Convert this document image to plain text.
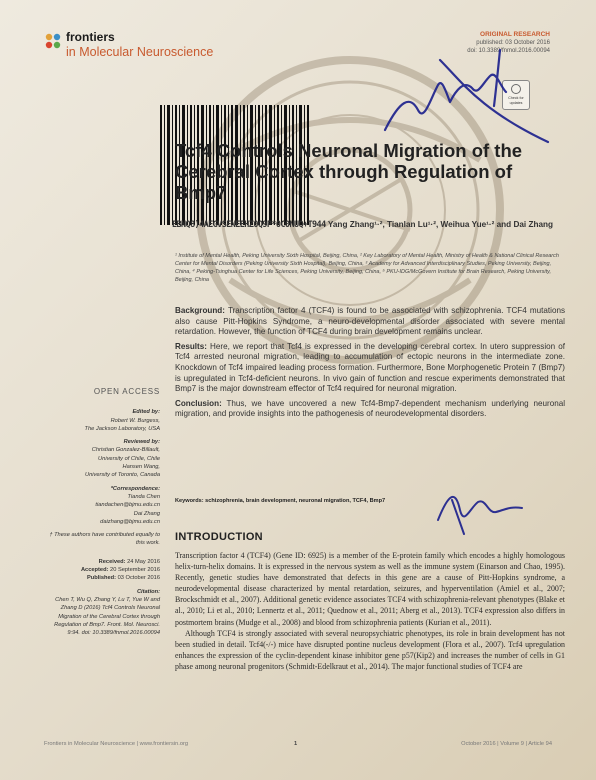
frontiers
in Molecular Neuroscience
ORIGINAL RESEARCH
published: 03 October 2016
doi: 10.3389/fnmol.2016.00094
Check for updates
Tcf4 Controls Neuronal Migration of the Cerebral Cortex through Regulation of Bmp7
EBNQ8)4AEGVSENEEHZ0Q9P*0C0NUQ+T944 Yang Zhang¹·², Tianlan Lu¹·², Weihua Yue¹·² and Dai Zhang
¹ Institute of Mental Health, Peking University Sixth Hospital, Beijing, China, ² Key Laboratory of Mental Health, Ministry of Health & National Clinical Research Center for Mental Disorders (Peking University Sixth Hospital), Beijing, China, ³ Academy for Advanced Interdisciplinary Studies, Peking University, Beijing, China, ⁴ Peking-Tsinghua Center for Life Sciences, Peking University, Beijing, China, ⁵ PKU-IDG/McGovern Institute for Brain Research, Peking University, Beijing, China

Background: Transcription factor 4 (TCF4) is found to be associated with schizophrenia. TCF4 mutations also cause Pitt-Hopkins Syndrome, a neuro-developmental disorder associated with severe mental retardation. However, the function of TCF4 during brain development remains unclear.

Results: Here, we report that Tcf4 is expressed in the developing cerebral cortex. In utero suppression of Tcf4 arrested neuronal migration, leading to accumulation of ectopic neurons in the intermediate zone. Knockdown of Tcf4 impaired leading process formation. Furthermore, Bone Morphogenetic Protein 7 (Bmp7) is upregulated in Tcf4-deficient neurons. In vivo gain of function and rescue experiments demonstrated that Bmp7 is the major downstream effector of Tcf4 required for neuronal migration.

Conclusion: Thus, we have uncovered a new Tcf4-Bmp7-dependent mechanism underlying neuronal migration, and provide insights into the pathogenesis of neurodevelopmental disorders.

Keywords: schizophrenia, brain development, neuronal migration, TCF4, Bmp7
OPEN ACCESS
Edited by:
Robert W. Burgess,
The Jackson Laboratory, USA
Reviewed by:
Christian Gonzalez-Billault,
University of Chile, Chile
Hansen Wang,
University of Toronto, Canada
*Correspondence:
Tianda Chen
tiandachen@bjmu.edu.cn
Dai Zhang
daizhang@bjmu.edu.cn
† These authors have contributed equally to this work.
Received: 24 May 2016
Accepted: 20 September 2016
Published: 03 October 2016
Citation:
Chen T, Wu Q, Zhang Y, Lu T, Yue W and Zhang D (2016) Tcf4 Controls Neuronal Migration of the Cerebral Cortex through Regulation of Bmp7. Front. Mol. Neurosci. 9:94. doi: 10.3389/fnmol.2016.00094
INTRODUCTION

Transcription factor 4 (TCF4) (Gene ID: 6925) is a member of the E-protein family which encodes a highly homologous helix-turn-helix domains. It is expressed in the nervous system as well as the immune system (Einarson and Chao, 1995). Recently, genetic studies have demonstrated that defects in this gene are a cause of Pitt-Hopkins syndrome, a neurodevelopmental disease characterized by mental retardation, seizures, and hyperventilation (Amiel et al., 2007; Brockschmidt et al., 2007). Additional genetic evidence associates TCF4 with schizophrenia-relevant phenotypes (Blake et al., 2010; Li et al., 2010; Lennertz et al., 2011; Quednow et al., 2011; Aberg et al., 2013). TCF4 expression also differs in postmortem brains (Mudge et al., 2008) and blood from schizophrenia patients (Kurian et al., 2011).

Although TCF4 is strongly associated with several neuropsychiatric phenotypes, its role in brain development has not been studied in detail. Tcf4(-/-) mice have disrupted pontine nucleus development (Flora et al., 2007). Tcf4 upregulation enhances the expression of the cyclin-dependent kinase inhibitor gene p57(Kip2) and increases the number of cells in G1 phase among neuronal progenitors (Schmidt-Edelkraut et al., 2014). The major functional studies of TCF4 are

Frontiers in Molecular Neuroscience | www.frontiersin.org	1	October 2016 | Volume 9 | Article 94
